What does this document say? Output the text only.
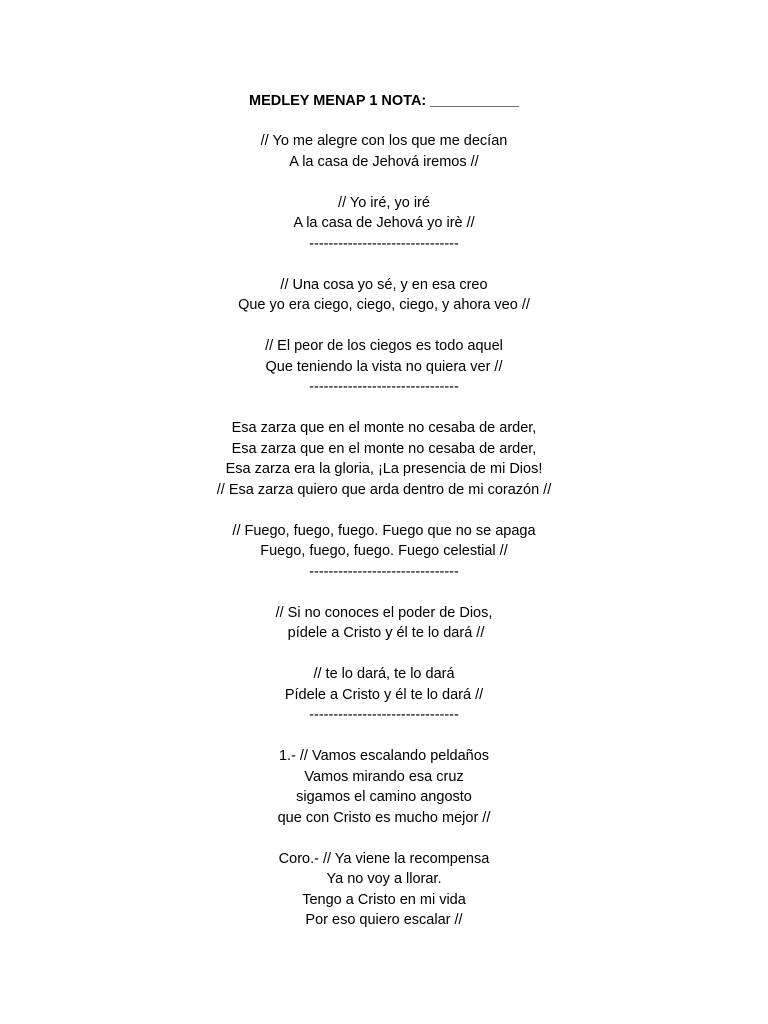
MEDLEY MENAP 1 NOTA: ___________
// Yo me alegre con los que me decían
A la casa de Jehová iremos //
// Yo iré, yo iré
A la casa de Jehová yo irè //
-------------------------------
// Una cosa yo sé, y en esa creo
Que yo era ciego, ciego, ciego, y ahora veo //
// El peor de los ciegos es todo aquel
Que teniendo la vista no quiera ver //
-------------------------------
Esa zarza que en el monte no cesaba de arder,
Esa zarza que en el monte no cesaba de arder,
Esa zarza era la gloria, ¡La presencia de mi Dios!
// Esa zarza quiero que arda dentro de mi corazón //
// Fuego, fuego, fuego. Fuego que no se apaga
Fuego, fuego, fuego. Fuego celestial //
-------------------------------
// Si no conoces el poder de Dios,
pídele a Cristo y él te lo dará //
// te lo dará, te lo dará
Pídele a Cristo y él te lo dará //
-------------------------------
1.- // Vamos escalando peldaños
Vamos mirando esa cruz
sigamos el camino angosto
que con Cristo es mucho mejor //
Coro.- // Ya viene la recompensa
Ya no voy a llorar.
Tengo a Cristo en mi vida
Por eso quiero escalar //
